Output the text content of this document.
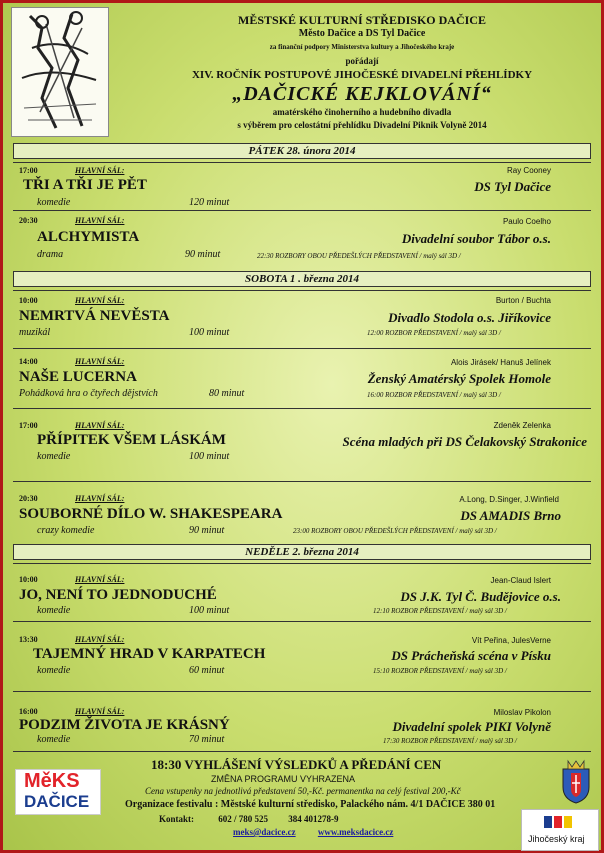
MĚSTSKÉ KULTURNÍ STŘEDISKO DAČICE
Město Dačice a DS Tyl Dačice
za finanční podpory Ministerstva kultury a Jihočeského kraje
pořádají
XIV. ROČNÍK POSTUPOVÉ JIHOČESKÉ DIVADELNÍ PŘEHLÍDKY
„DAČICKÉ KEJKLOVÁNÍ“
amatérského činoherního a hudebního divadla
s výběrem pro celostátní přehlídku Divadelní Piknik Volyně 2014
PÁTEK 28. února 2014
SOBOTA 1 . března 2014
NEDĚLE 2. března 2014
17:00	HLAVNÍ SÁL:	Ray Cooney
TŘI A TŘI JE PĚT	DS Tyl Dačice
komedie	120 minut
20:30	HLAVNÍ SÁL:	Paulo Coelho
ALCHYMISTA	Divadelní soubor Tábor o.s.
drama	90 minut	22:30 ROZBORY OBOU PŘEDEŠLÝCH PŘEDSTAVENÍ / malý sál 3D /
10:00	HLAVNÍ SÁL:	Burton / Buchta
NEMRTVÁ NEVĚSTA	Divadlo Stodola o.s. Jiříkovice
muzikál	100 minut	12:00 ROZBOR PŘEDSTAVENÍ / malý sál 3D /
14:00	HLAVNÍ SÁL:	Alois Jirásek/ Hanuš Jelínek
NAŠE LUCERNA	Ženský Amatérský Spolek Homole
Pohádková hra o čtyřech dějstvích	80 minut	16:00 ROZBOR PŘEDSTAVENÍ / malý sál 3D /
17:00	HLAVNÍ SÁL:	Zdeněk Zelenka
PŘÍPITEK VŠEM LÁSKÁM	Scéna mladých při DS Čelakovský Strakonice
komedie	100 minut
20:30	HLAVNÍ SÁL:	A.Long, D.Singer, J.Winfield
SOUBORNÉ DÍLO W. SHAKESPEARA	DS AMADIS Brno
crazy komedie	90 minut	23:00 ROZBORY OBOU PŘEDEŠLÝCH PŘEDSTAVENÍ / malý sál 3D /
10:00	HLAVNÍ SÁL:	Jean-Claud Islert
JO, NENÍ TO JEDNODUCHÉ	DS J.K. Tyl Č. Budějovice o.s.
komedie	100 minut	12:10 ROZBOR PŘEDSTAVENÍ / malý sál 3D /
13:30	HLAVNÍ SÁL:	Vít Peřina, JulesVerne
TAJEMNÝ HRAD V KARPATECH	DS Prácheňská scéna v Písku
komedie	60 minut	15:10 ROZBOR PŘEDSTAVENÍ / malý sál 3D /
16:00	HLAVNÍ SÁL:	Miloslav Pikolon
PODZIM ŽIVOTA JE KRÁSNÝ	Divadelní spolek PIKI Volyně
komedie	70 minut	17:30 ROZBOR PŘEDSTAVENÍ / malý sál 3D /
18:30 VYHLÁŠENÍ VÝSLEDKŮ A PŘEDÁNÍ CEN
ZMĚNA PROGRAMU VYHRAZENA
Cena vstupenky na jednotlivá představení 50,-Kč. permanentka na celý festival 200,-Kč
Organizace festivalu : Městské kulturní středisko, Palackého nám. 4/1 DAČICE 380 01
Kontakt:	602 / 780 525 384 401278-9
meks@dacice.cz www.meksdacice.cz
MěKS
DAČICE
Jihočeský kraj
